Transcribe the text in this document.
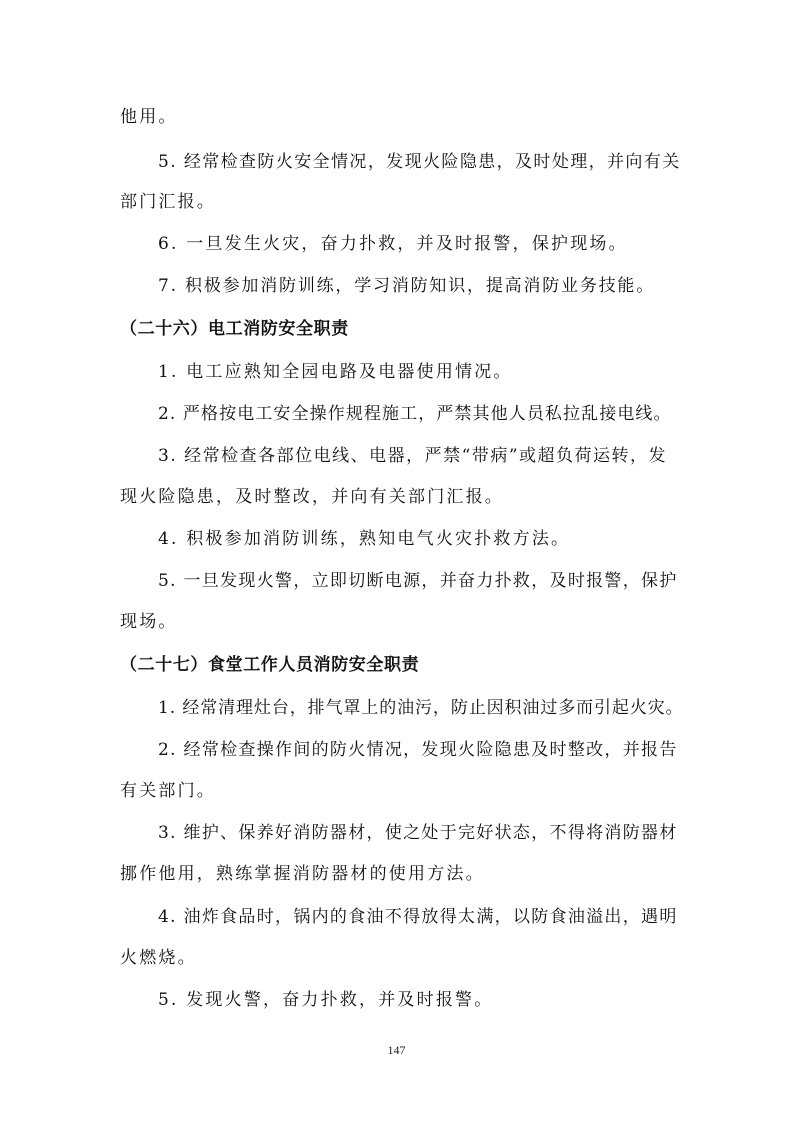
他用。
5. 经常检查防火安全情况，发现火险隐患，及时处理，并向有关
部门汇报。
6. 一旦发生火灾，奋力扑救，并及时报警，保护现场。
7. 积极参加消防训练，学习消防知识，提高消防业务技能。
（二十六）电工消防安全职责
1. 电工应熟知全园电路及电器使用情况。
2. 严格按电工安全操作规程施工，严禁其他人员私拉乱接电线。
3. 经常检查各部位电线、电器，严禁“带病”或超负荷运转，发
现火险隐患，及时整改，并向有关部门汇报。
4. 积极参加消防训练，熟知电气火灾扑救方法。
5. 一旦发现火警，立即切断电源，并奋力扑救，及时报警，保护
现场。
（二十七）食堂工作人员消防安全职责
1. 经常清理灶台，排气罩上的油污，防止因积油过多而引起火灾。
2. 经常检查操作间的防火情况，发现火险隐患及时整改，并报告
有关部门。
3. 维护、保养好消防器材，使之处于完好状态，不得将消防器材
挪作他用，熟练掌握消防器材的使用方法。
4. 油炸食品时，锅内的食油不得放得太满，以防食油溢出，遇明
火燃烧。
5. 发现火警，奋力扑救，并及时报警。
147
